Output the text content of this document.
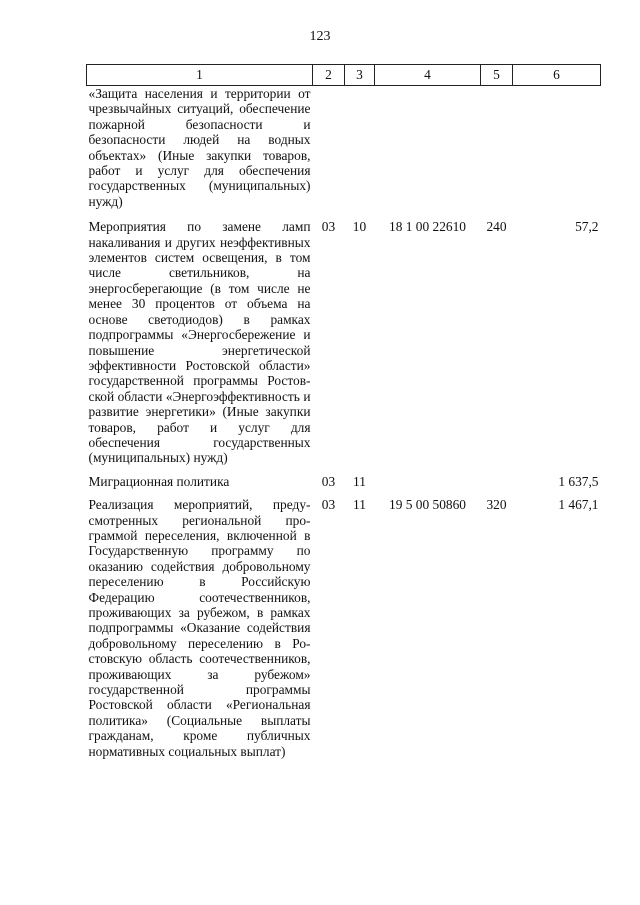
123
1	2	3	4	5	6
«Защита населения и территории от чрезвычайных ситуаций, обеспечение пожарной безопасности и безопасности людей на водных объектах» (Иные закупки товаров, работ и услуг для обеспечения государственных (муниципальных) нужд)					
Мероприятия по замене ламп накаливания и других неэффективных элементов систем освещения, в том числе светильников, на энергосберегающие (в том числе не менее 30 процентов от объема на основе светодиодов) в рамках подпрограммы «Энергосбережение и повышение энергетической эффективности Ростовской области» государственной программы Ростовской области «Энергоэффективность и развитие энергетики» (Иные закупки товаров, работ и услуг для обеспечения государственных (муниципальных) нужд)	03	10	18 1 00 22610	240	57,2
Миграционная политика	03	11			1 637,5
Реализация мероприятий, предусмотренных региональной программой переселения, включенной в Государственную программу по оказанию содействия добровольному переселению в Российскую Федерацию соотечественников, проживающих за рубежом, в рамках подпрограммы «Оказание содействия добровольному переселению в Ростовскую область соотечественников, проживающих за рубежом» государственной программы Ростовской области «Региональная политика» (Социальные выплаты гражданам, кроме публичных нормативных социальных выплат)	03	11	19 5 00 50860	320	1 467,1
